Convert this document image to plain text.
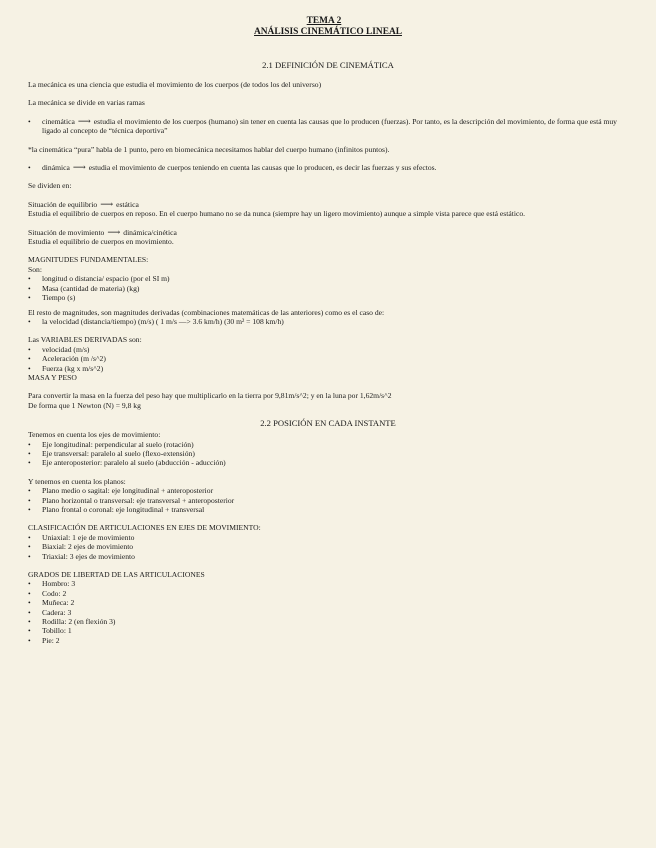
TEMA 2
ANÁLISIS CINEMÁTICO LINEAL
2.1 DEFINICIÓN DE CINEMÁTICA

La mecánica es una ciencia que estudia el movimiento de los cuerpos (de todos los del universo)

La mecánica se divide en varias ramas

• cinemática ⟶ estudia el movimiento de los cuerpos (humano) sin tener en cuenta las causas que lo producen (fuerzas). Por tanto, es la descripción del movimiento, de forma que está muy ligado al concepto de “técnica deportiva”

*la cinemática “pura” habla de 1 punto, pero en biomecánica necesitamos hablar del cuerpo humano (infinitos puntos).

• dinámica ⟶ estudia el movimiento de cuerpos teniendo en cuenta las causas que lo producen, es decir las fuerzas y sus efectos.

Se dividen en:

Situación de equilibrio ⟶ estática

Estudia el equilibrio de cuerpos en reposo. En el cuerpo humano no se da nunca (siempre hay un ligero movimiento) aunque a simple vista parece que está estático.

Situación de movimiento ⟶ dinámica/cinética

Estudia el equilibrio de cuerpos en movimiento.

MAGNITUDES FUNDAMENTALES:

Son:

• longitud o distancia/ espacio (por el SI m)
• Masa (cantidad de materia) (kg)
• Tiempo (s)

El resto de magnitudes, son magnitudes derivadas (combinaciones matemáticas de las anteriores) como es el caso de:

• la velocidad (distancia/tiempo) (m/s) ( 1 m/s —> 3.6 km/h) (30 m² = 108 km/h)

Las VARIABLES DERIVADAS son:

• velocidad (m/s)
• Aceleración (m /s^2)
• Fuerza (kg x m/s^2)

MASA Y PESO

Para convertir la masa en la fuerza del peso hay que multiplicarlo en la tierra por 9,81m/s^2; y en la luna por 1,62m/s^2

De forma que 1 Newton (N) = 9,8 kg

2.2 POSICIÓN EN CADA INSTANTE

Tenemos en cuenta los ejes de movimiento:

• Eje longitudinal: perpendicular al suelo (rotación)
• Eje transversal: paralelo al suelo (flexo-extensión)
• Eje anteroposterior: paralelo al suelo (abducción - aducción)

Y tenemos en cuenta los planos:

• Plano medio o sagital: eje longitudinal + anteroposterior
• Plano horizontal o transversal: eje transversal + anteroposterior
• Plano frontal o coronal: eje longitudinal + transversal

CLASIFICACIÓN DE ARTICULACIONES EN EJES DE MOVIMIENTO:

• Uniaxial: 1 eje de movimiento
• Biaxial: 2 ejes de movimiento
• Triaxial: 3 ejes de movimiento

GRADOS DE LIBERTAD DE LAS ARTICULACIONES

• Hombro: 3
• Codo: 2
• Muñeca: 2
• Cadera: 3
• Rodilla: 2 (en flexión 3)
• Tobillo: 1
• Pie: 2
